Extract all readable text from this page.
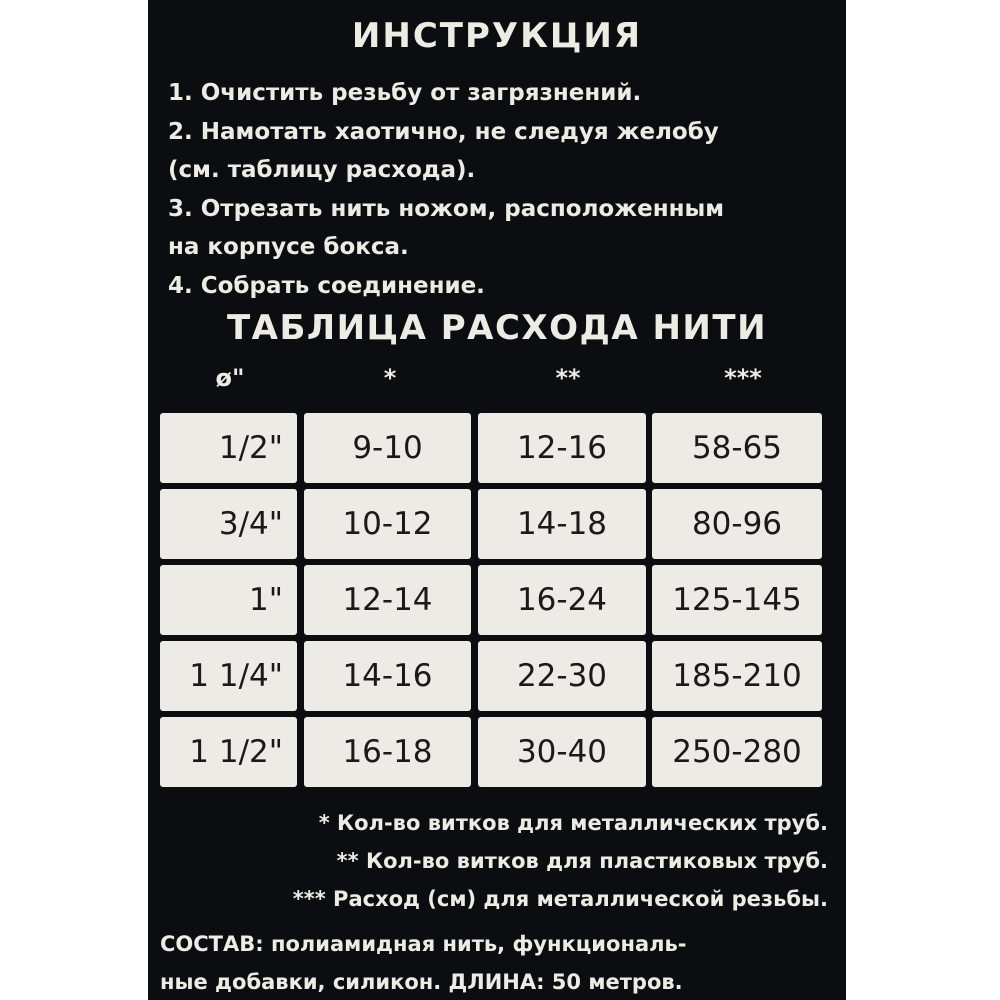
ИНСТРУКЦИЯ
1. Очистить резьбу от загрязнений.
2. Намотать хаотично, не следуя желобу
(см. таблицу расхода).
3. Отрезать нить ножом, расположенным
на корпусе бокса.
4. Собрать соединение.
ТАБЛИЦА РАСХОДА НИТИ
ø"	*	**	***
1/2"	9-10	12-16	58-65
3/4"	10-12	14-18	80-96
1"	12-14	16-24	125-145
1 1/4"	14-16	22-30	185-210
1 1/2"	16-18	30-40	250-280
* Кол-во витков для металлических труб.
** Кол-во витков для пластиковых труб.
*** Расход (см) для металлической резьбы.
СОСТАВ: полиамидная нить, функциональ-
ные добавки, силикон. ДЛИНА: 50 метров.
